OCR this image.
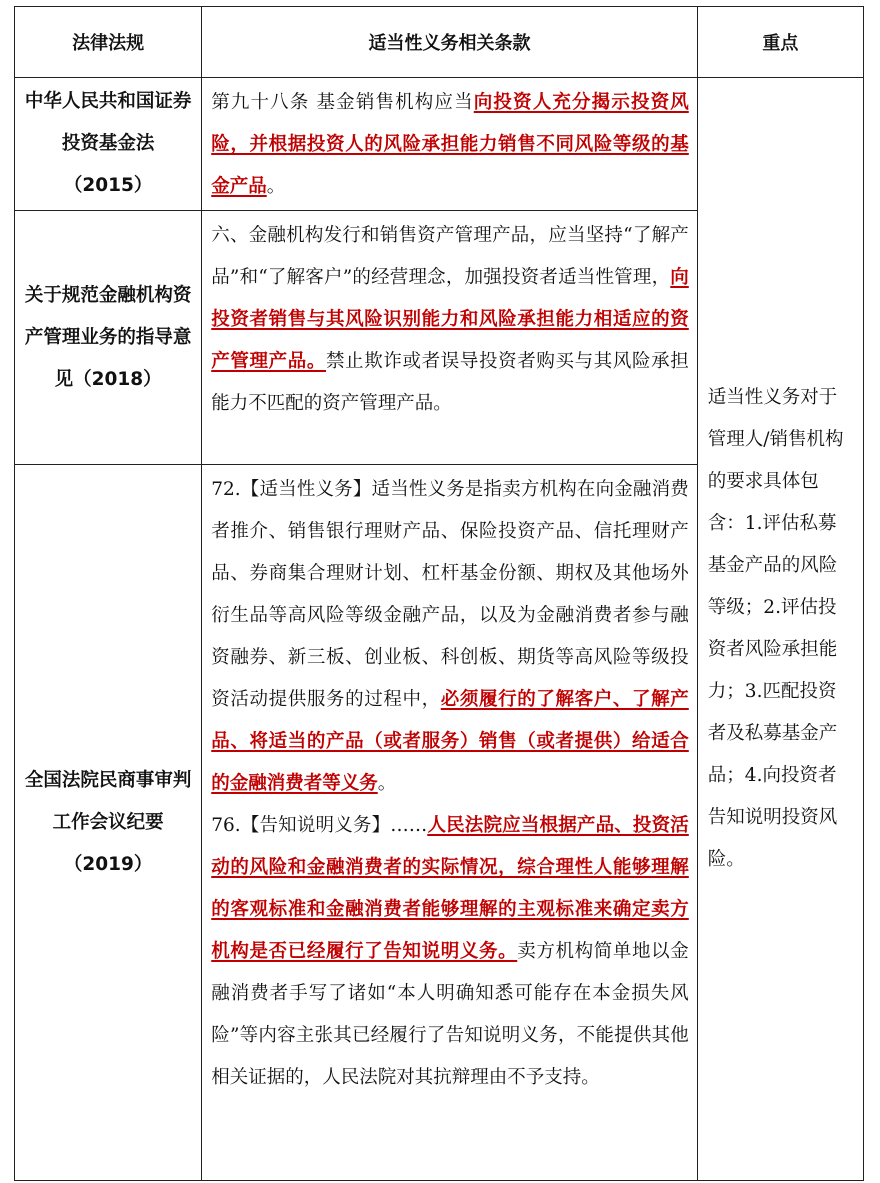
法律法规	适当性义务相关条款	重点
中华人民共和国证券投资基金法（2015）	第九十八条 基金销售机构应当向投资人充分揭示投资风险，并根据投资人的风险承担能力销售不同风险等级的基金产品。	适当性义务对于管理人/销售机构的要求具体包含：1.评估私募基金产品的风险等级；2.评估投资者风险承担能力；3.匹配投资者及私募基金产品；4.向投资者告知说明投资风险。
关于规范金融机构资产管理业务的指导意见（2018）	六、金融机构发行和销售资产管理产品，应当坚持“了解产品”和“了解客户”的经营理念，加强投资者适当性管理，向投资者销售与其风险识别能力和风险承担能力相适应的资产管理产品。禁止欺诈或者误导投资者购买与其风险承担能力不匹配的资产管理产品。	
全国法院民商事审判工作会议纪要（2019）	72.【适当性义务】适当性义务是指卖方机构在向金融消费者推介、销售银行理财产品、保险投资产品、信托理财产品、券商集合理财计划、杠杆基金份额、期权及其他场外衍生品等高风险等级金融产品，以及为金融消费者参与融资融券、新三板、创业板、科创板、期货等高风险等级投资活动提供服务的过程中，必须履行的了解客户、了解产品、将适当的产品（或者服务）销售（或者提供）给适合的金融消费者等义务。
76.【告知说明义务】……人民法院应当根据产品、投资活动的风险和金融消费者的实际情况，综合理性人能够理解的客观标准和金融消费者能够理解的主观标准来确定卖方机构是否已经履行了告知说明义务。卖方机构简单地以金融消费者手写了诸如“本人明确知悉可能存在本金损失风险”等内容主张其已经履行了告知说明义务，不能提供其他相关证据的，人民法院对其抗辩理由不予支持。	
